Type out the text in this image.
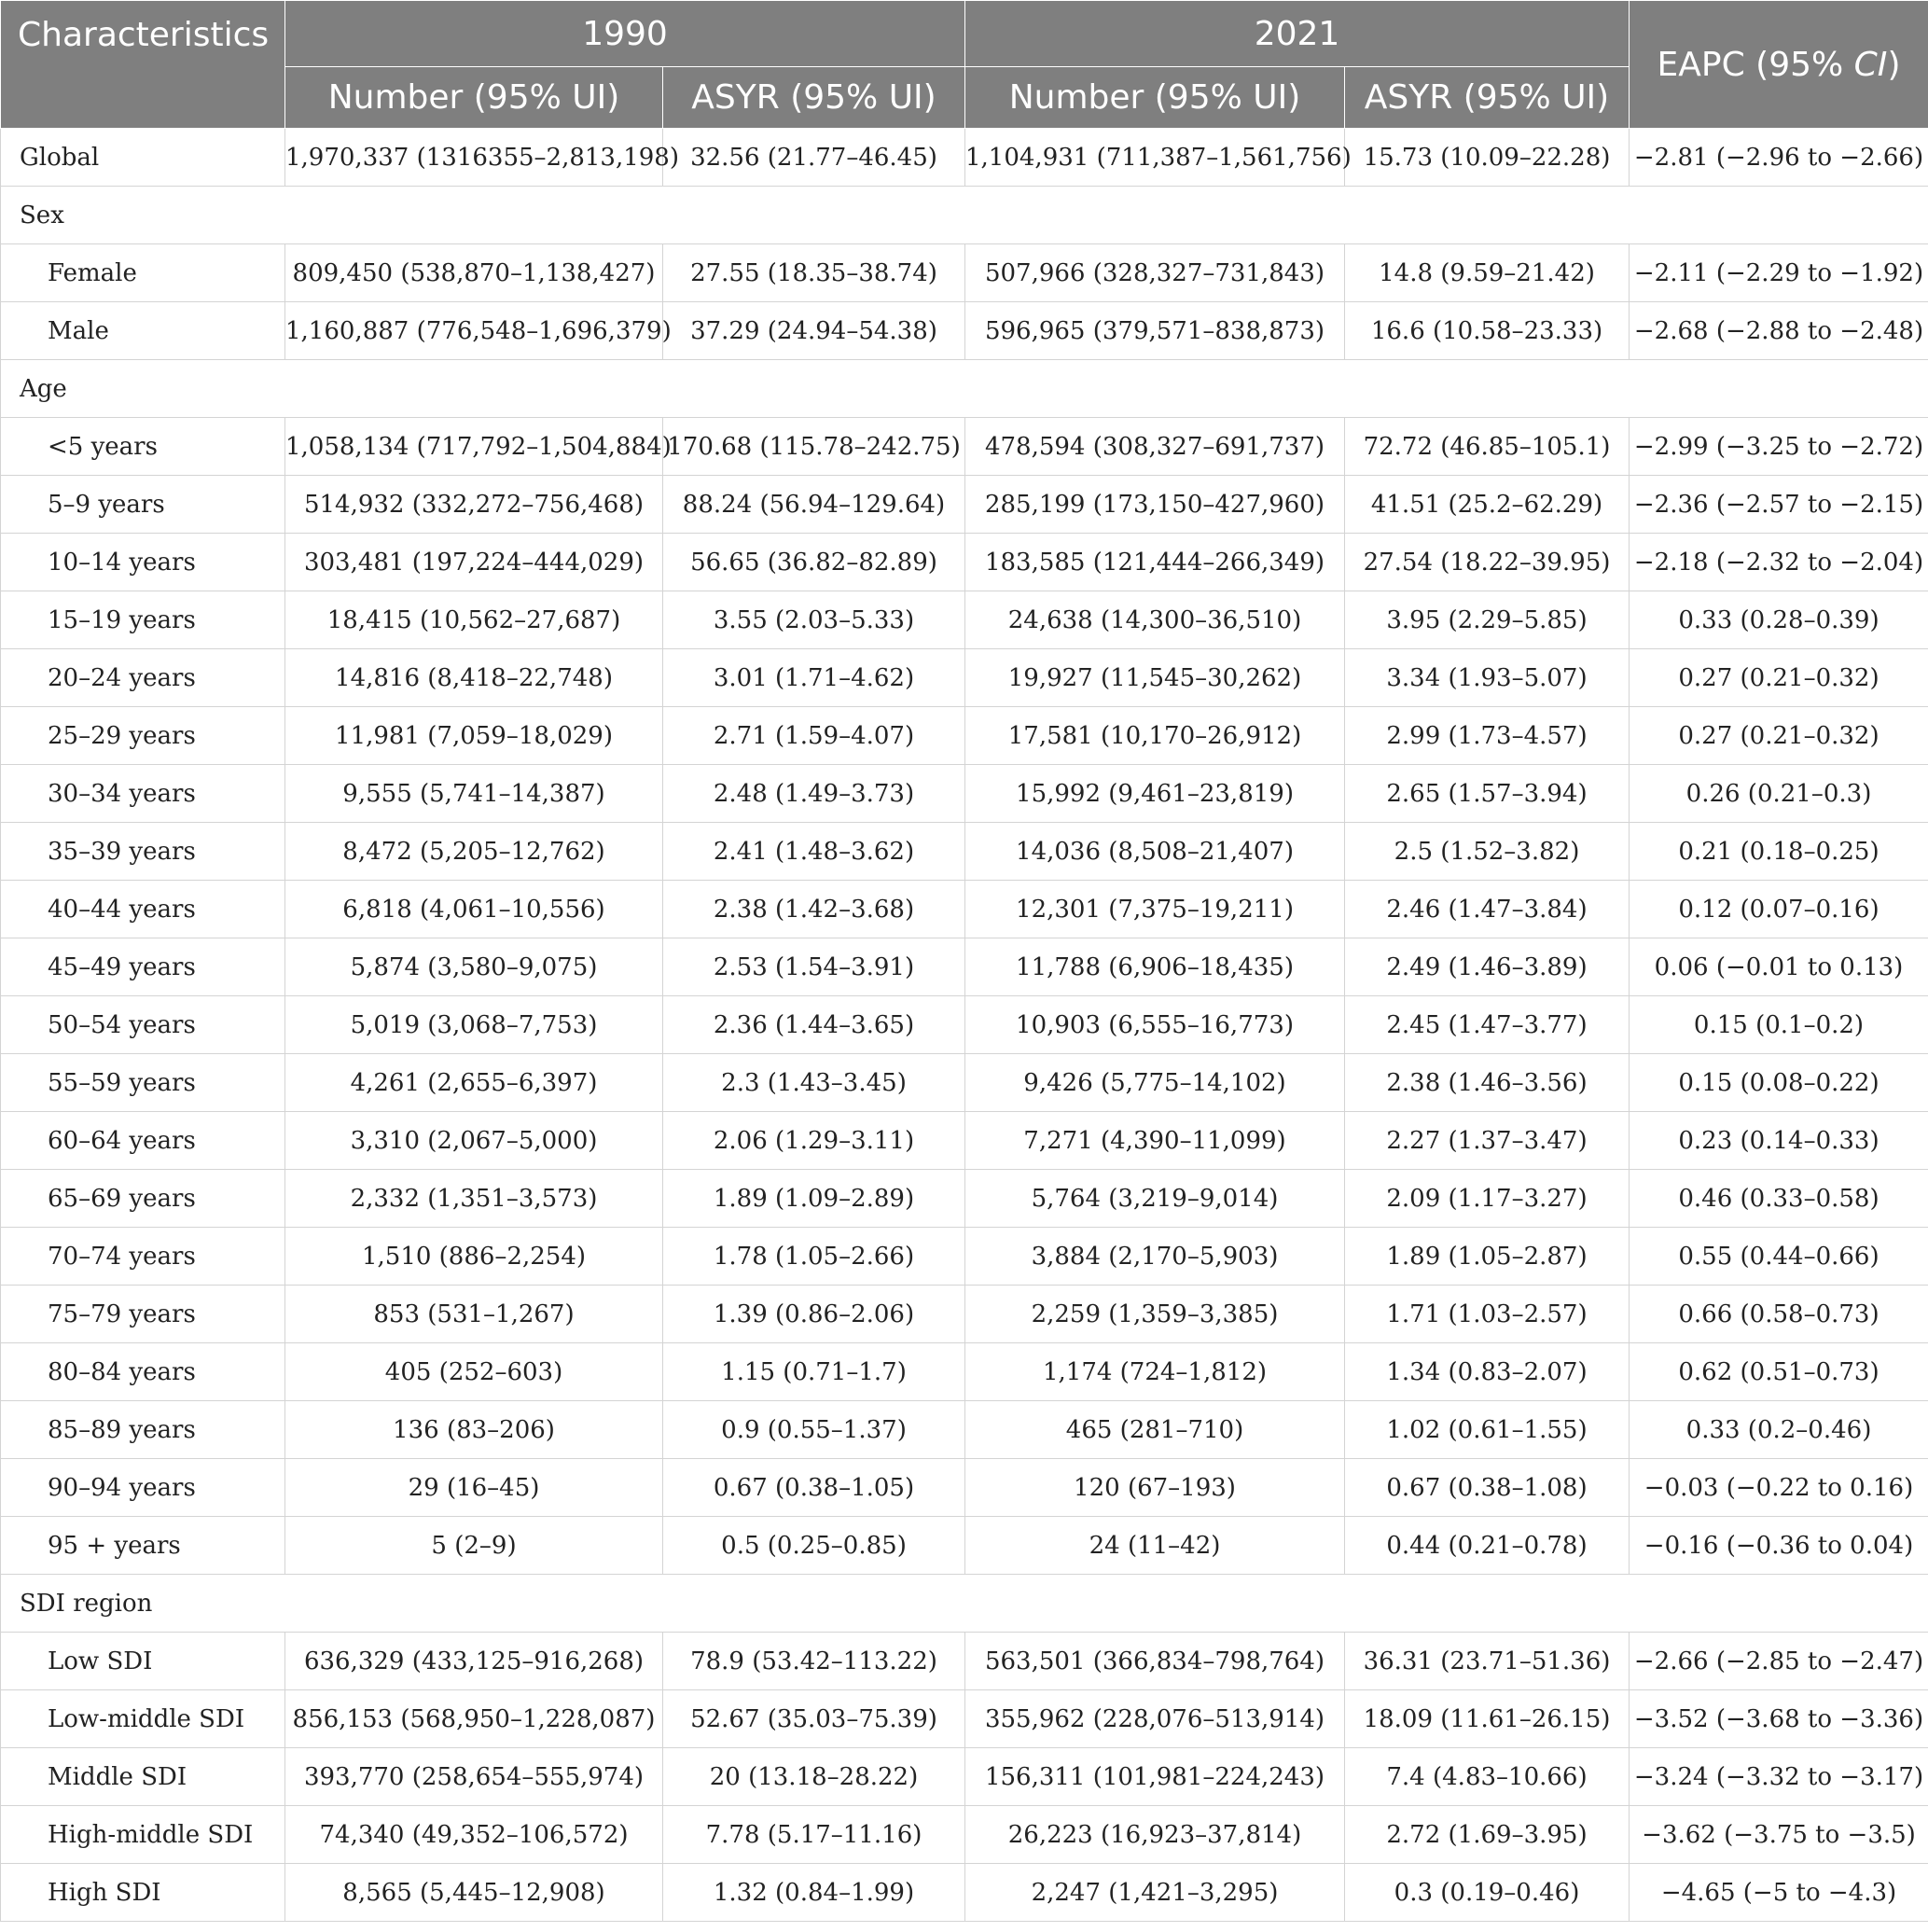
Characteristics	1990		2021		EAPC (95% CI)
	Number (95% UI)	ASYR (95% UI)	Number (95% UI)	ASYR (95% UI)	
Global	1,970,337 (1316355–2,813,198)	32.56 (21.77–46.45)	1,104,931 (711,387–1,561,756)	15.73 (10.09–22.28)	−2.81 (−2.96 to −2.66)
Sex					
Female	809,450 (538,870–1,138,427)	27.55 (18.35–38.74)	507,966 (328,327–731,843)	14.8 (9.59–21.42)	−2.11 (−2.29 to −1.92)
Male	1,160,887 (776,548–1,696,379)	37.29 (24.94–54.38)	596,965 (379,571–838,873)	16.6 (10.58–23.33)	−2.68 (−2.88 to −2.48)
Age					
<5 years	1,058,134 (717,792–1,504,884)	170.68 (115.78–242.75)	478,594 (308,327–691,737)	72.72 (46.85–105.1)	−2.99 (−3.25 to −2.72)
5–9 years	514,932 (332,272–756,468)	88.24 (56.94–129.64)	285,199 (173,150–427,960)	41.51 (25.2–62.29)	−2.36 (−2.57 to −2.15)
10–14 years	303,481 (197,224–444,029)	56.65 (36.82–82.89)	183,585 (121,444–266,349)	27.54 (18.22–39.95)	−2.18 (−2.32 to −2.04)
15–19 years	18,415 (10,562–27,687)	3.55 (2.03–5.33)	24,638 (14,300–36,510)	3.95 (2.29–5.85)	0.33 (0.28–0.39)
20–24 years	14,816 (8,418–22,748)	3.01 (1.71–4.62)	19,927 (11,545–30,262)	3.34 (1.93–5.07)	0.27 (0.21–0.32)
25–29 years	11,981 (7,059–18,029)	2.71 (1.59–4.07)	17,581 (10,170–26,912)	2.99 (1.73–4.57)	0.27 (0.21–0.32)
30–34 years	9,555 (5,741–14,387)	2.48 (1.49–3.73)	15,992 (9,461–23,819)	2.65 (1.57–3.94)	0.26 (0.21–0.3)
35–39 years	8,472 (5,205–12,762)	2.41 (1.48–3.62)	14,036 (8,508–21,407)	2.5 (1.52–3.82)	0.21 (0.18–0.25)
40–44 years	6,818 (4,061–10,556)	2.38 (1.42–3.68)	12,301 (7,375–19,211)	2.46 (1.47–3.84)	0.12 (0.07–0.16)
45–49 years	5,874 (3,580–9,075)	2.53 (1.54–3.91)	11,788 (6,906–18,435)	2.49 (1.46–3.89)	0.06 (−0.01 to 0.13)
50–54 years	5,019 (3,068–7,753)	2.36 (1.44–3.65)	10,903 (6,555–16,773)	2.45 (1.47–3.77)	0.15 (0.1–0.2)
55–59 years	4,261 (2,655–6,397)	2.3 (1.43–3.45)	9,426 (5,775–14,102)	2.38 (1.46–3.56)	0.15 (0.08–0.22)
60–64 years	3,310 (2,067–5,000)	2.06 (1.29–3.11)	7,271 (4,390–11,099)	2.27 (1.37–3.47)	0.23 (0.14–0.33)
65–69 years	2,332 (1,351–3,573)	1.89 (1.09–2.89)	5,764 (3,219–9,014)	2.09 (1.17–3.27)	0.46 (0.33–0.58)
70–74 years	1,510 (886–2,254)	1.78 (1.05–2.66)	3,884 (2,170–5,903)	1.89 (1.05–2.87)	0.55 (0.44–0.66)
75–79 years	853 (531–1,267)	1.39 (0.86–2.06)	2,259 (1,359–3,385)	1.71 (1.03–2.57)	0.66 (0.58–0.73)
80–84 years	405 (252–603)	1.15 (0.71–1.7)	1,174 (724–1,812)	1.34 (0.83–2.07)	0.62 (0.51–0.73)
85–89 years	136 (83–206)	0.9 (0.55–1.37)	465 (281–710)	1.02 (0.61–1.55)	0.33 (0.2–0.46)
90–94 years	29 (16–45)	0.67 (0.38–1.05)	120 (67–193)	0.67 (0.38–1.08)	−0.03 (−0.22 to 0.16)
95 + years	5 (2–9)	0.5 (0.25–0.85)	24 (11–42)	0.44 (0.21–0.78)	−0.16 (−0.36 to 0.04)
SDI region					
Low SDI	636,329 (433,125–916,268)	78.9 (53.42–113.22)	563,501 (366,834–798,764)	36.31 (23.71–51.36)	−2.66 (−2.85 to −2.47)
Low-middle SDI	856,153 (568,950–1,228,087)	52.67 (35.03–75.39)	355,962 (228,076–513,914)	18.09 (11.61–26.15)	−3.52 (−3.68 to −3.36)
Middle SDI	393,770 (258,654–555,974)	20 (13.18–28.22)	156,311 (101,981–224,243)	7.4 (4.83–10.66)	−3.24 (−3.32 to −3.17)
High-middle SDI	74,340 (49,352–106,572)	7.78 (5.17–11.16)	26,223 (16,923–37,814)	2.72 (1.69–3.95)	−3.62 (−3.75 to −3.5)
High SDI	8,565 (5,445–12,908)	1.32 (0.84–1.99)	2,247 (1,421–3,295)	0.3 (0.19–0.46)	−4.65 (−5 to −4.3)
